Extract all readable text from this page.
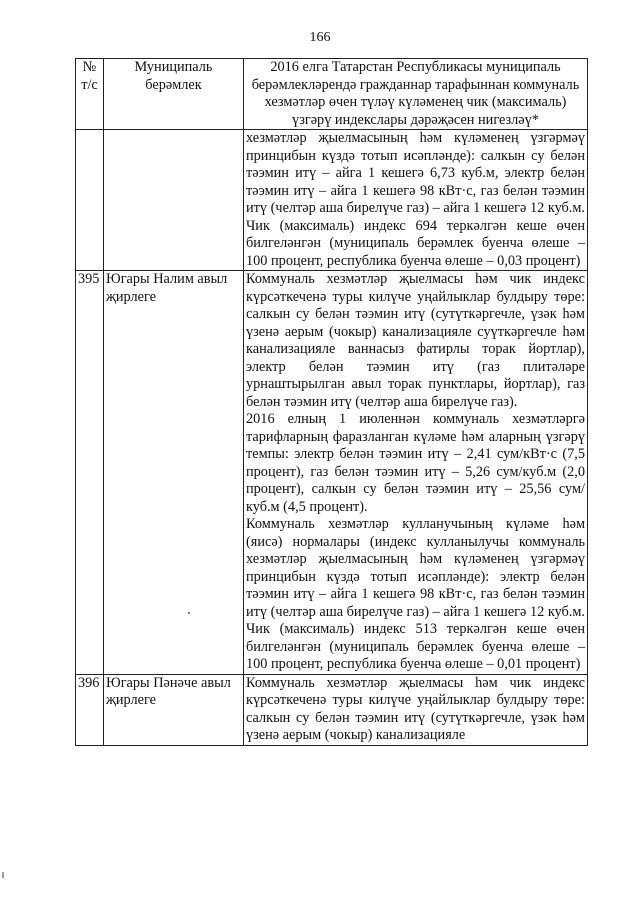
166
№ т/с	Муниципаль берәмлек	2016 елга Татарстан Республикасы муниципаль берәмлекләрендә гражданнар тарафыннан коммуналь хезмәтләр өчен түләү күләменең чик (максималь) үзгәрү индекслары дәрәҗәсен нигезләү*

		хезмәтләр җыелмасының һәм күләменең үзгәрмәү принцибын күздә тотып исәпләнде): салкын су белән тәэмин итү – айга 1 кешегә 6,73 куб.м, электр белән тәэмин итү – айга 1 кешегә 98 кВт·с, газ белән тәэмин итү (челтәр аша бирелүче газ) – айга 1 кешегә 12 куб.м.

Чик (максималь) индекс 694 теркәлгән кеше өчен билгеләнгән (муниципаль берәмлек буенча өлеше – 100 процент, республика буенча өлеше – 0,03 процент)

395	Югары Налим авыл җирлеге	Коммуналь хезмәтләр җыелмасы һәм чик индекс күрсәткеченә туры килүче уңайлыклар булдыру төре: салкын су белән тәэмин итү (сутүткәргечле, үзәк һәм үзенә аерым (чокыр) канализацияле суүткәргечле һәм канализацияле ваннасыз фатирлы торак йортлар), электр белән тәэмин итү (газ плитәләре урнаштырылган авыл торак пунктлары, йортлар), газ белән тәэмин итү (челтәр аша бирелүче газ).

2016 елның 1 июленнән коммуналь хезмәтләргә тарифларның фаразланган күләме һәм аларның үзгәрү темпы: электр белән тәэмин итү – 2,41 сум/кВт·с (7,5 процент), газ белән тәэмин итү – 5,26 сум/куб.м (2,0 процент), салкын су белән тәэмин итү – 25,56 сум/куб.м (4,5 процент).

Коммуналь хезмәтләр кулланучының күләме һәм (яисә) нормалары (индекс кулланылучы коммуналь хезмәтләр җыелмасының һәм күләменең үзгәрмәү принцибын күздә тотып исәпләнде): электр белән тәэмин итү – айга 1 кешегә 98 кВт·с, газ белән тәэмин итү (челтәр аша бирелүче газ) – айга 1 кешегә 12 куб.м.

Чик (максималь) индекс 513 теркәлгән кеше өчен билгеләнгән (муниципаль берәмлек буенча өлеше – 100 процент, республика буенча өлеше – 0,01 процент)

396	Югары Пәнәче авыл җирлеге	Коммуналь хезмәтләр җыелмасы һәм чик индекс күрсәткеченә туры килүче уңайлыклар булдыру төре: салкын су белән тәэмин итү (сутүткәргечле, үзәк һәм үзенә аерым (чокыр) канализацияле
